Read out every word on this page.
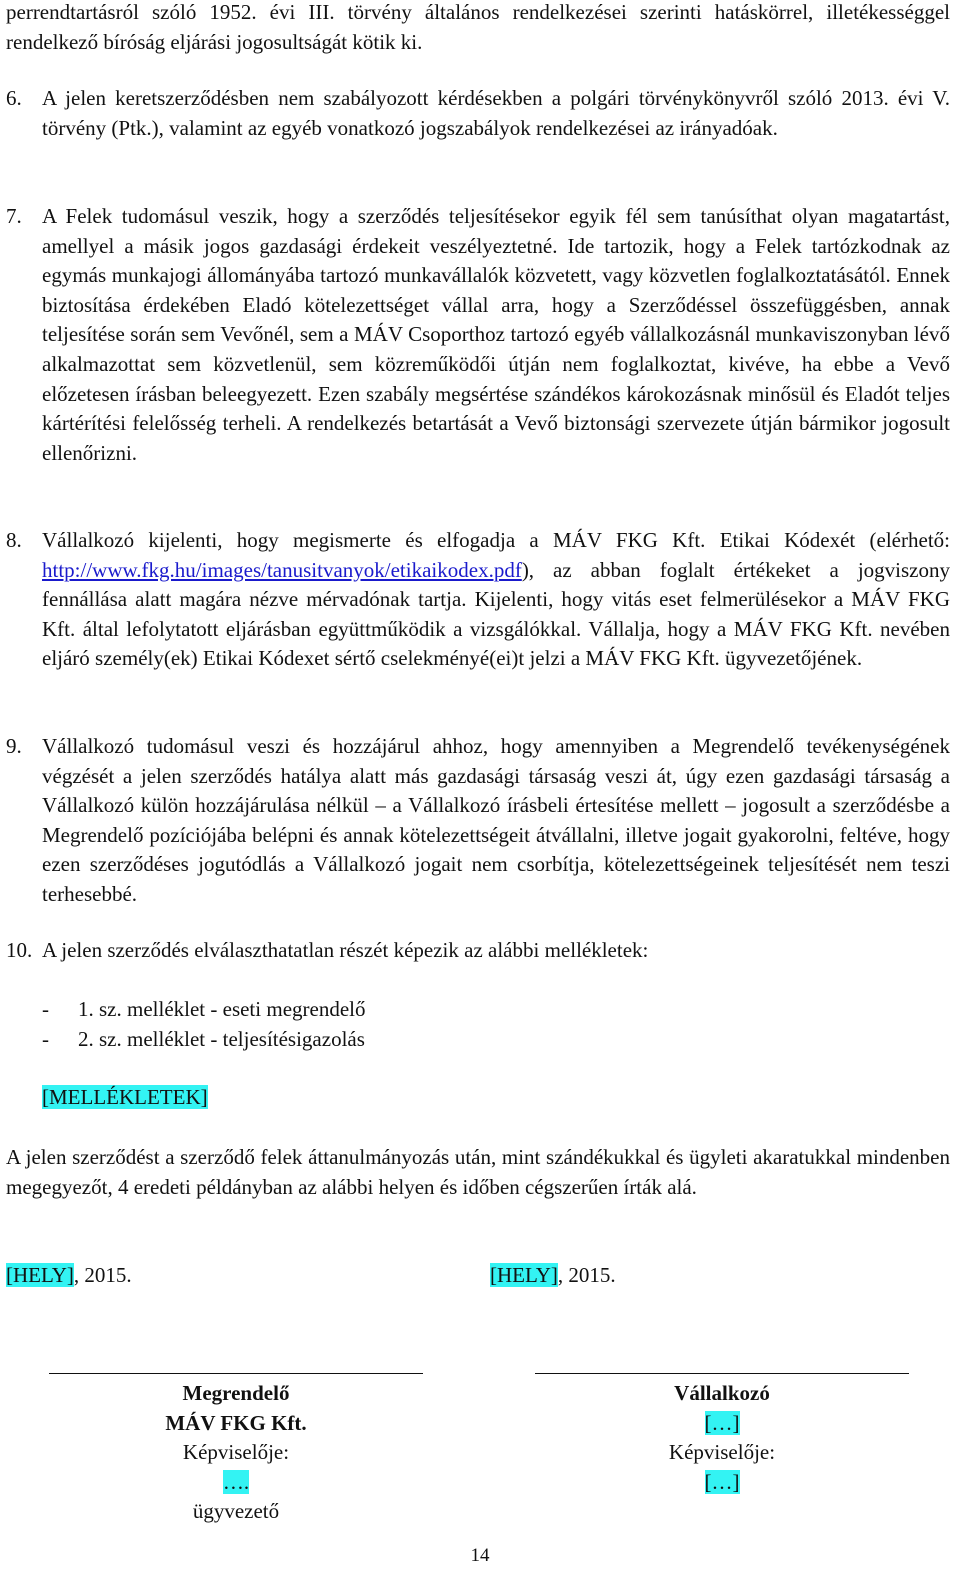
perrendtartásról szóló 1952. évi III. törvény általános rendelkezései szerinti hatáskörrel, illetékességgel rendelkező bíróság eljárási jogosultságát kötik ki.
6. A jelen keretszerződésben nem szabályozott kérdésekben a polgári törvénykönyvről szóló 2013. évi V. törvény (Ptk.), valamint az egyéb vonatkozó jogszabályok rendelkezései az irányadóak.
7. A Felek tudomásul veszik, hogy a szerződés teljesítésekor egyik fél sem tanúsíthat olyan magatartást, amellyel a másik jogos gazdasági érdekeit veszélyeztetné. Ide tartozik, hogy a Felek tartózkodnak az egymás munkajogi állományába tartozó munkavállalók közvetett, vagy közvetlen foglalkoztatásától. Ennek biztosítása érdekében Eladó kötelezettséget vállal arra, hogy a Szerződéssel összefüggésben, annak teljesítése során sem Vevőnél, sem a MÁV Csoporthoz tartozó egyéb vállalkozásnál munkaviszonyban lévő alkalmazottat sem közvetlenül, sem közreműködői útján nem foglalkoztat, kivéve, ha ebbe a Vevő előzetesen írásban beleegyezett. Ezen szabály megsértése szándékos károkozásnak minősül és Eladót teljes kártérítési felelősség terheli. A rendelkezés betartását a Vevő biztonsági szervezete útján bármikor jogosult ellenőrizni.
8. Vállalkozó kijelenti, hogy megismerte és elfogadja a MÁV FKG Kft. Etikai Kódexét (elérhető: http://www.fkg.hu/images/tanusitvanyok/etikaikodex.pdf), az abban foglalt értékeket a jogviszony fennállása alatt magára nézve mérvadónak tartja. Kijelenti, hogy vitás eset felmerülésekor a MÁV FKG Kft. által lefolytatott eljárásban együttműködik a vizsgálókkal. Vállalja, hogy a MÁV FKG Kft. nevében eljáró személy(ek) Etikai Kódexet sértő cselekményé(ei)t jelzi a MÁV FKG Kft. ügyvezetőjének.
9. Vállalkozó tudomásul veszi és hozzájárul ahhoz, hogy amennyiben a Megrendelő tevékenységének végzését a jelen szerződés hatálya alatt más gazdasági társaság veszi át, úgy ezen gazdasági társaság a Vállalkozó külön hozzájárulása nélkül – a Vállalkozó írásbeli értesítése mellett – jogosult a szerződésbe a Megrendelő pozíciójába belépni és annak kötelezettségeit átvállalni, illetve jogait gyakorolni, feltéve, hogy ezen szerződéses jogutódlás a Vállalkozó jogait nem csorbítja, kötelezettségeinek teljesítését nem teszi terhesebbé.
10. A jelen szerződés elválaszthatatlan részét képezik az alábbi mellékletek:
- 1. sz. melléklet - eseti megrendelő
- 2. sz. melléklet - teljesítésigazolás
[MELLÉKLETEK]
A jelen szerződést a szerződő felek áttanulmányozás után, mint szándékukkal és ügyleti akaratukkal mindenben megegyezőt, 4 eredeti példányban az alábbi helyen és időben cégszerűen írták alá.
[HELY], 2015.	[HELY], 2015.
Megrendelő
MÁV FKG Kft.
Képviselője:
….
ügyvezető
Vállalkozó
[…]
Képviselője:
[…]
14
